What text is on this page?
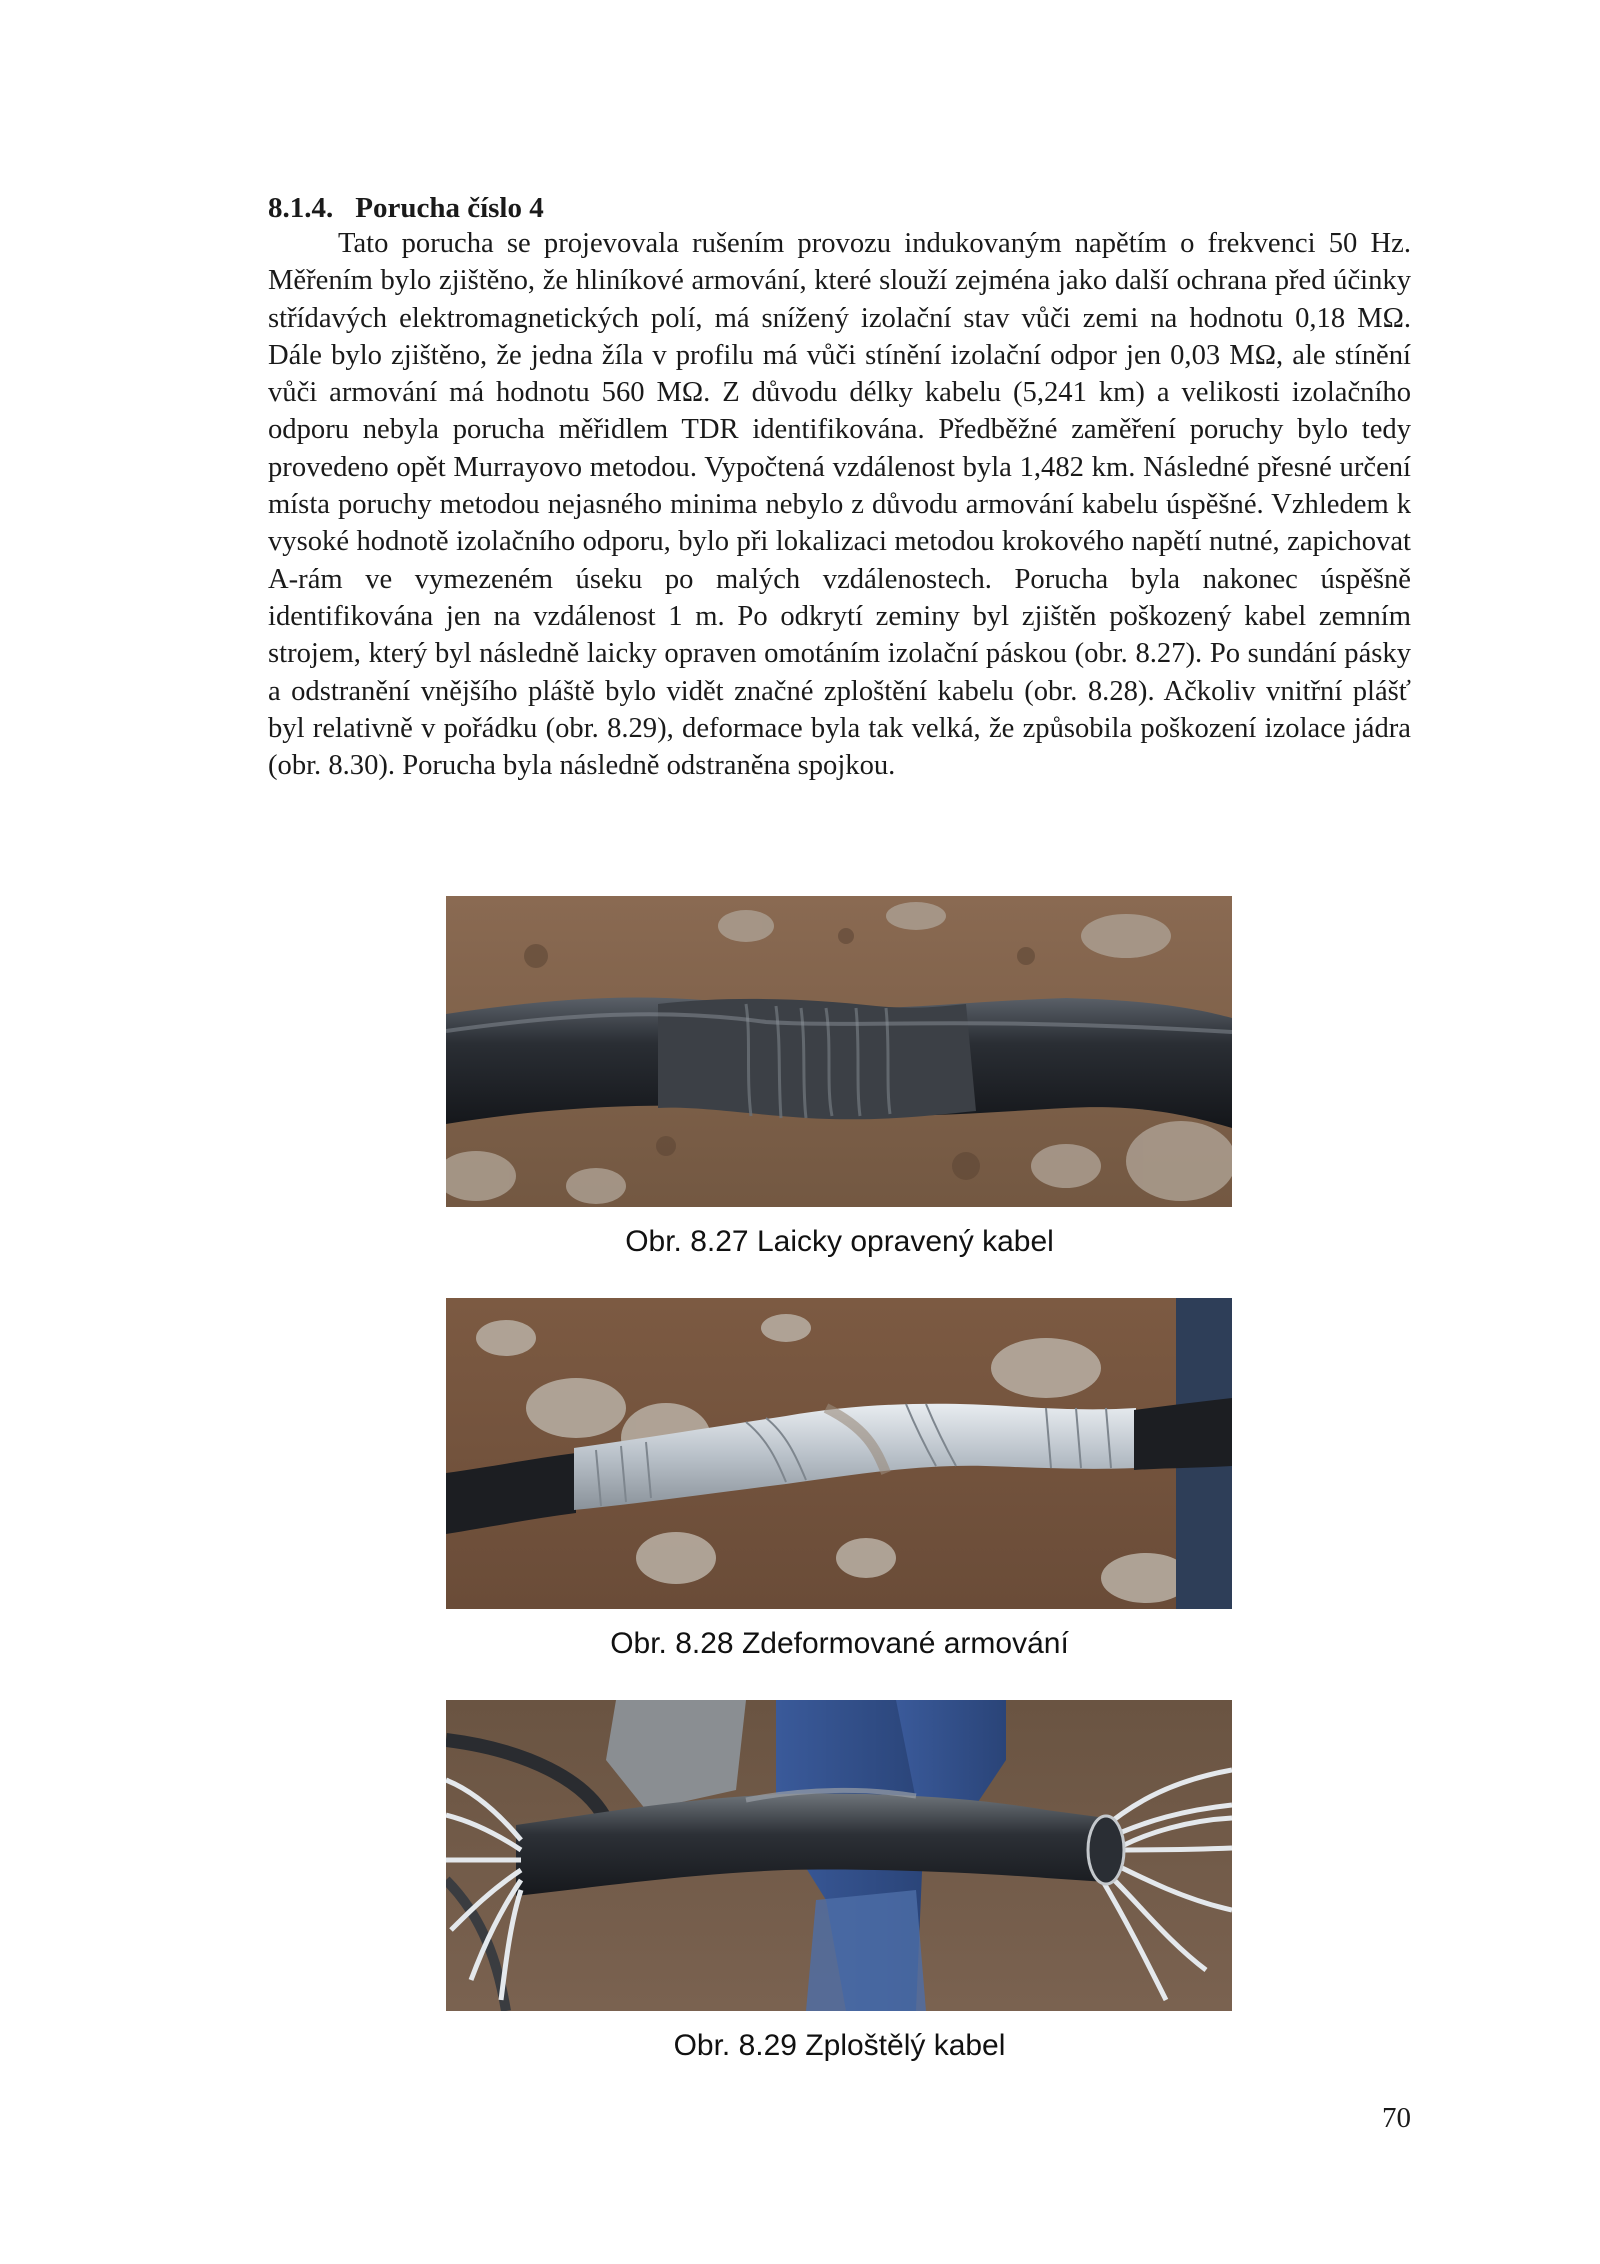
8.1.4. Porucha číslo 4

Tato porucha se projevovala rušením provozu indukovaným napětím o frekvenci 50 Hz. Měřením bylo zjištěno, že hliníkové armování, které slouží zejména jako další ochrana před účinky střídavých elektromagnetických polí, má snížený izolační stav vůči zemi na hodnotu 0,18 MΩ. Dále bylo zjištěno, že jedna žíla v profilu má vůči stínění izolační odpor jen 0,03 MΩ, ale stínění vůči armování má hodnotu 560 MΩ. Z důvodu délky kabelu (5,241 km) a velikosti izolačního odporu nebyla porucha měřidlem TDR identifikována. Předběžné zaměření poruchy bylo tedy provedeno opět Murrayovo metodou. Vypočtená vzdálenost byla 1,482 km. Následné přesné určení místa poruchy metodou nejasného minima nebylo z důvodu armování kabelu úspěšné. Vzhledem k vysoké hodnotě izolačního odporu, bylo při lokalizaci metodou krokového napětí nutné, zapichovat A-rám ve vymezeném úseku po malých vzdálenostech. Porucha byla nakonec úspěšně identifikována jen na vzdálenost 1 m. Po odkrytí zeminy byl zjištěn poškozený kabel zemním strojem, který byl následně laicky opraven omotáním izolační páskou (obr. 8.27). Po sundání pásky a odstranění vnějšího pláště bylo vidět značné zploštění kabelu (obr. 8.28). Ačkoliv vnitřní plášť byl relativně v pořádku (obr. 8.29), deformace byla tak velká, že způsobila poškození izolace jádra (obr. 8.30). Porucha byla následně odstraněna spojkou.

Obr. 8.27 Laicky opravený kabel
Obr. 8.28 Zdeformované armování
Obr. 8.29 Zploštělý kabel
70
